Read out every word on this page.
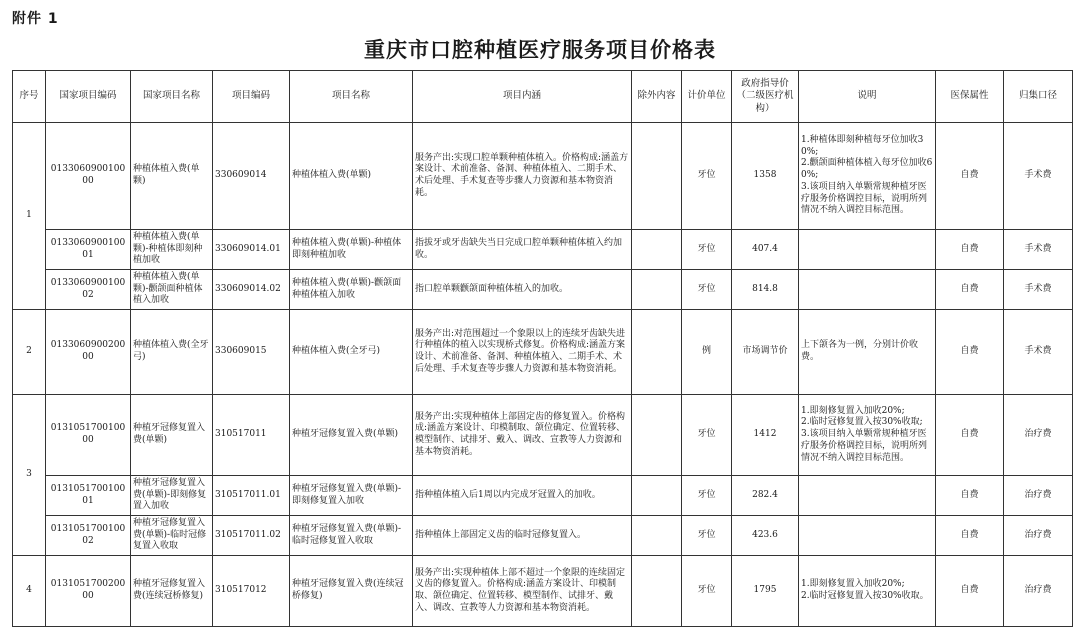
附件 1
重庆市口腔种植医疗服务项目价格表
序号	国家项目编码	国家项目名称	项目编码	项目名称	项目内涵	除外内容	计价单位	政府指导价（二级医疗机构）	说明	医保属性	归集口径
1	013306090010000	种植体植入费(单颗)	330609014	种植体植入费(单颗)	服务产出:实现口腔单颗种植体植入。价格构成:涵盖方案设计、术前准备、备洞、种植体植入、二期手术、术后处理、手术复查等步骤人力资源和基本物资消耗。		牙位	1358	1.种植体即刻种植每牙位加收30%;
2.颧颌面种植体植入每牙位加收60%;
3.该项目纳入单颗常规种植牙医疗服务价格调控目标，说明所列情况不纳入调控目标范围。	自费	手术费
	013306090010001	种植体植入费(单颗)-种植体即刻种植加收	330609014.01	种植体植入费(单颗)-种植体即刻种植加收	指拔牙或牙齿缺失当日完成口腔单颗种植体植入约加收。		牙位	407.4		自费	手术费
	013306090010002	种植体植入费(单颗)-颧颌面种植体植入加收	330609014.02	种植体植入费(单颗)-颧颌面种植体植入加收	指口腔单颗颧颌面种植体植入的加收。		牙位	814.8		自费	手术费
2	013306090020000	种植体植入费(全牙弓)	330609015	种植体植入费(全牙弓)	服务产出:对范围超过一个象限以上的连续牙齿缺失进行种植体的植入以实现桥式修复。价格构成:涵盖方案设计、术前准备、备洞、种植体植入、二期手术、术后处理、手术复查等步骤人力资源和基本物资消耗。		例	市场调节价	上下颌各为一例，分别计价收费。	自费	手术费
3	013105170010000	种植牙冠修复置入费(单颗)	310517011	种植牙冠修复置入费(单颗)	服务产出:实现种植体上部固定齿的修复置入。价格构成:涵盖方案设计、印模制取、颌位确定、位置转移、模型制作、试排牙、戴入、调改、宣教等人力资源和基本物资消耗。		牙位	1412	1.即刻修复置入加收20%;
2.临时冠修复置入按30%收取;
3.该项目纳入单颗常规种植牙医疗服务价格调控目标，说明所列情况不纳入调控目标范围。	自费	治疗费
	013105170010001	种植牙冠修复置入费(单颗)-即刻修复置入加收	310517011.01	种植牙冠修复置入费(单颗)-即刻修复置入加收	指种植体植入后1周以内完成牙冠置入的加收。		牙位	282.4		自费	治疗费
	013105170010002	种植牙冠修复置入费(单颗)-临时冠修复置入收取	310517011.02	种植牙冠修复置入费(单颗)-临时冠修复置入收取	指种植体上部固定义齿的临时冠修复置入。		牙位	423.6		自费	治疗费
4	013105170020000	种植牙冠修复置入费(连续冠桥修复)	310517012	种植牙冠修复置入费(连续冠桥修复)	服务产出:实现种植体上部不超过一个象限的连续固定义齿的修复置入。价格构成:涵盖方案设计、印模制取、颌位确定、位置转移、模型制作、试排牙、戴入、调改、宣教等人力资源和基本物资消耗。		牙位	1795	1.即刻修复置入加收20%;
2.临时冠修复置入按30%收取。	自费	治疗费
